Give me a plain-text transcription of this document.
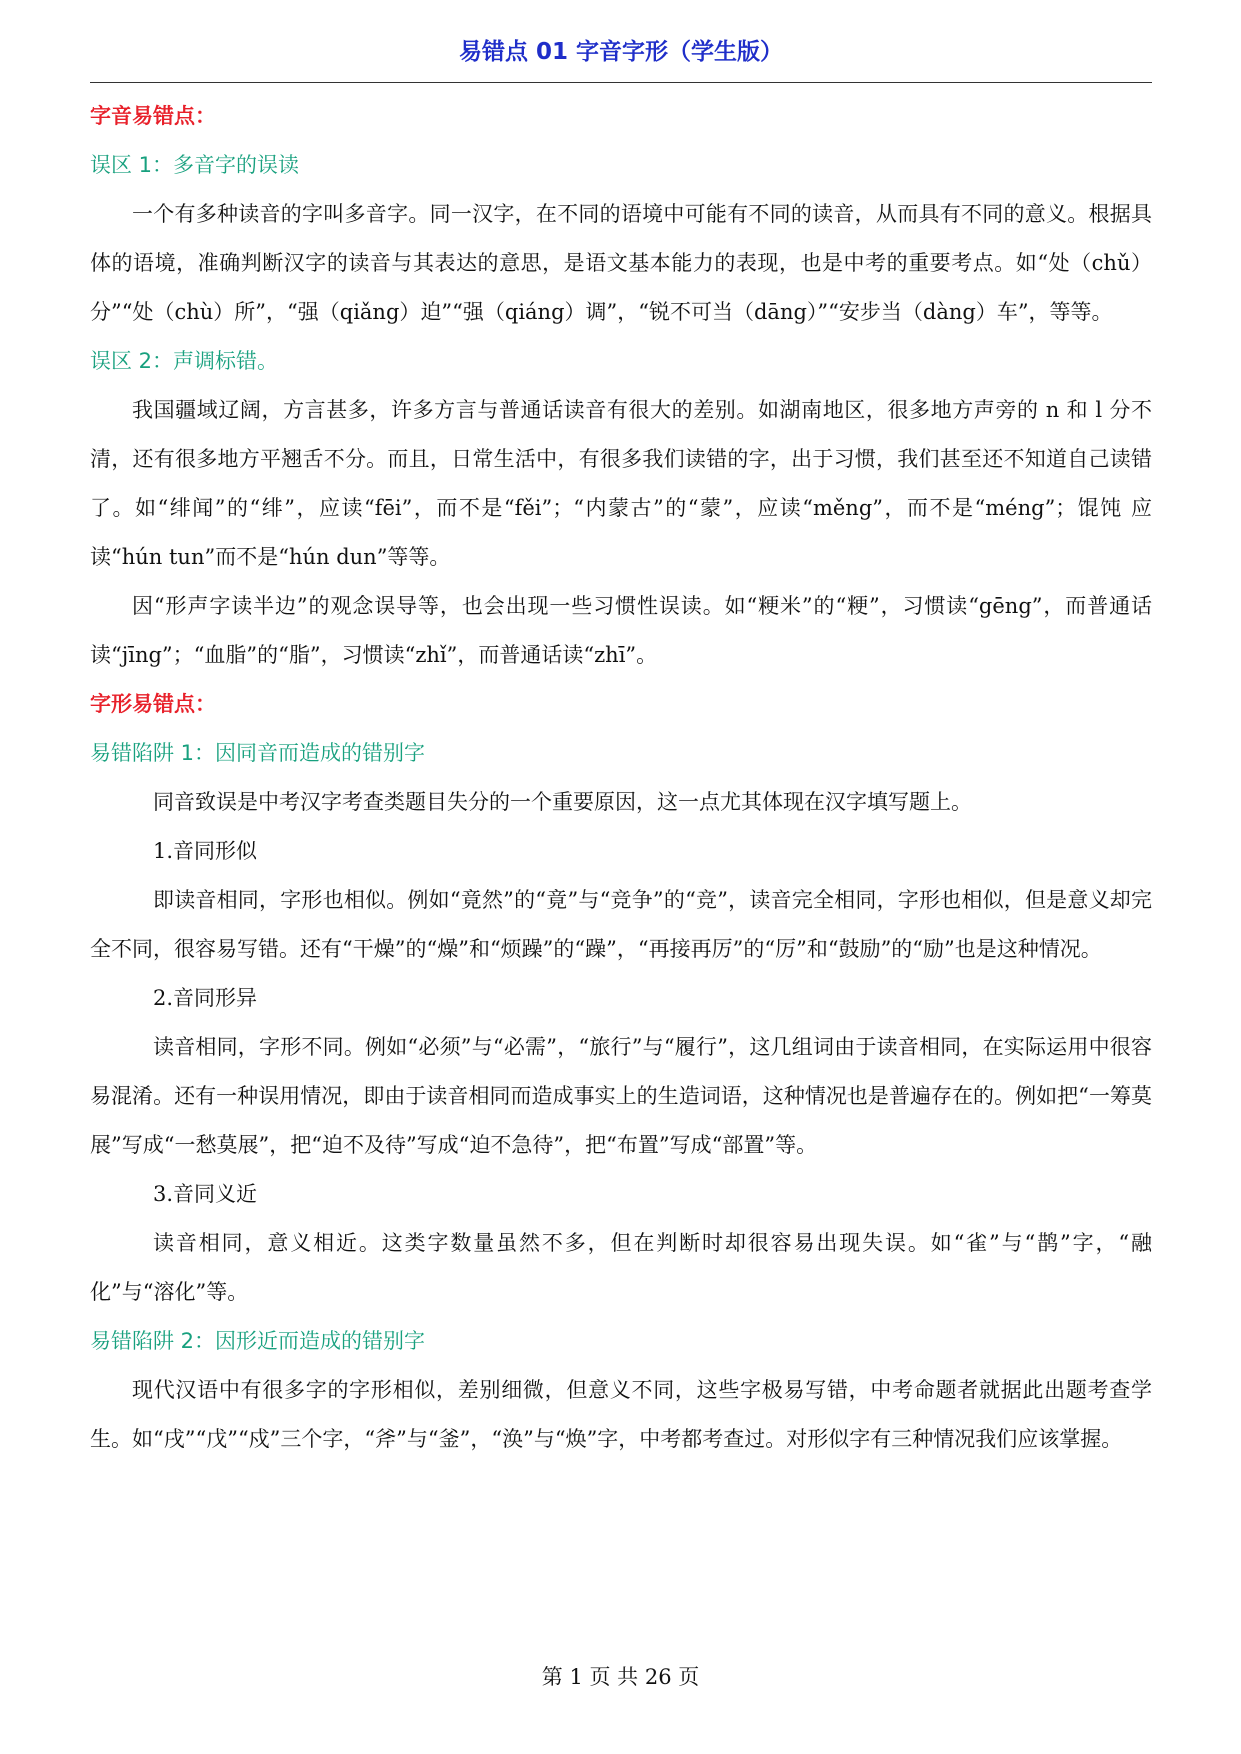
易错点 01 字音字形（学生版）

字音易错点：

误区 1：多音字的误读

一个有多种读音的字叫多音字。同一汉字，在不同的语境中可能有不同的读音，从而具有不同的意义。根据具体的语境，准确判断汉字的读音与其表达的意思，是语文基本能力的表现，也是中考的重要考点。如“处（chǔ）分”“处（chù）所”，“强（qiǎng）迫”“强（qiáng）调”，“锐不可当（dāng）”“安步当（dàng）车”，等等。

误区 2：声调标错。

我国疆域辽阔，方言甚多，许多方言与普通话读音有很大的差别。如湖南地区，很多地方声旁的 n 和 l 分不清，还有很多地方平翘舌不分。而且，日常生活中，有很多我们读错的字，出于习惯，我们甚至还不知道自己读错了。如“绯闻”的“绯”，应读“fēi”，而不是“fěi”；“内蒙古”的“蒙”，应读“měng”，而不是“méng”；馄饨 应读“hún tun”而不是“hún dun”等等。

因“形声字读半边”的观念误导等，也会出现一些习惯性误读。如“粳米”的“粳”，习惯读“gēng”，而普通话读“jīng”；“血脂”的“脂”，习惯读“zhǐ”，而普通话读“zhī”。

字形易错点：

易错陷阱 1：因同音而造成的错别字

同音致误是中考汉字考查类题目失分的一个重要原因，这一点尤其体现在汉字填写题上。

1.音同形似

即读音相同，字形也相似。例如“竟然”的“竟”与“竞争”的“竞”，读音完全相同，字形也相似，但是意义却完全不同，很容易写错。还有“干燥”的“燥”和“烦躁”的“躁”，“再接再厉”的“厉”和“鼓励”的“励”也是这种情况。

2.音同形异

读音相同，字形不同。例如“必须”与“必需”，“旅行”与“履行”，这几组词由于读音相同，在实际运用中很容易混淆。还有一种误用情况，即由于读音相同而造成事实上的生造词语，这种情况也是普遍存在的。例如把“一筹莫展”写成“一愁莫展”，把“迫不及待”写成“迫不急待”，把“布置”写成“部置”等。

3.音同义近

读音相同，意义相近。这类字数量虽然不多，但在判断时却很容易出现失误。如“雀”与“鹊”字，“融化”与“溶化”等。

易错陷阱 2：因形近而造成的错别字

现代汉语中有很多字的字形相似，差别细微，但意义不同，这些字极易写错，中考命题者就据此出题考查学生。如“戌”“戊”“戍”三个字，“斧”与“釜”，“涣”与“焕”字，中考都考查过。对形似字有三种情况我们应该掌握。

第 1 页 共 26 页
